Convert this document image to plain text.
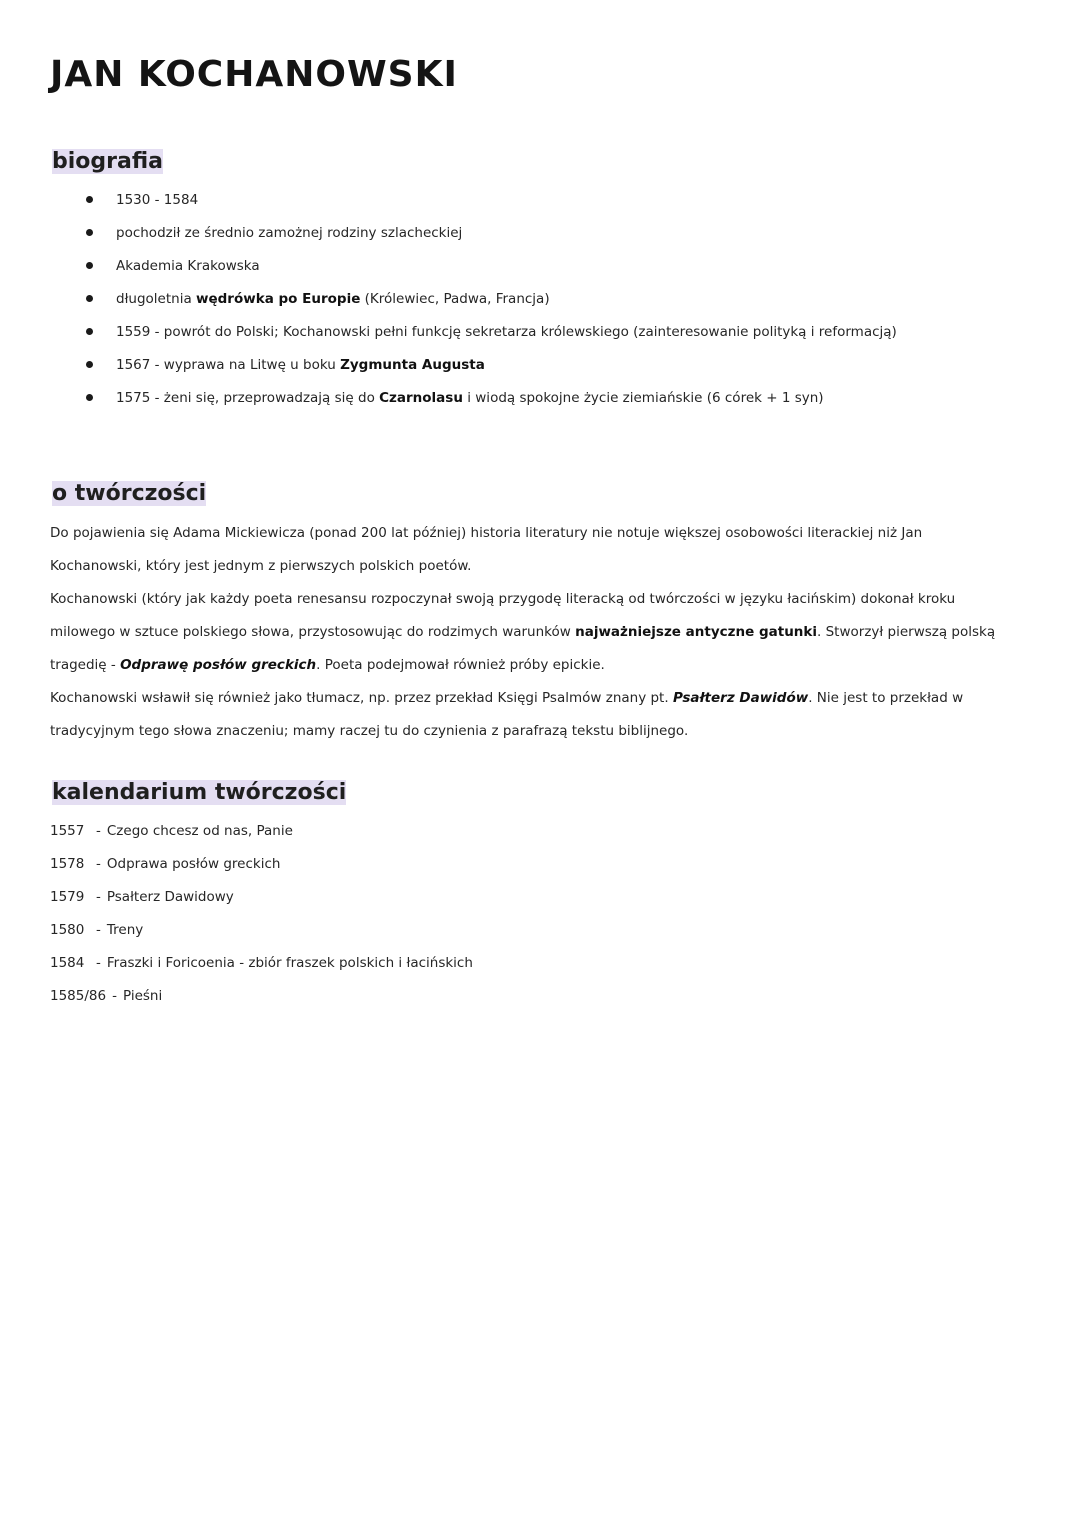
JAN KOCHANOWSKI
biografia
1530 - 1584
pochodził ze średnio zamożnej rodziny szlacheckiej
Akademia Krakowska
długoletnia wędrówka po Europie (Królewiec, Padwa, Francja)
1559 - powrót do Polski; Kochanowski pełni funkcję sekretarza królewskiego (zainteresowanie polityką i reformacją)
1567 - wyprawa na Litwę u boku Zygmunta Augusta
1575 - żeni się, przeprowadzają się do Czarnolasu i wiodą spokojne życie ziemiańskie (6 córek + 1 syn)
o twórczości

Do pojawienia się Adama Mickiewicza (ponad 200 lat później) historia literatury nie notuje większej osobowości literackiej niż Jan Kochanowski, który jest jednym z pierwszych polskich poetów.

Kochanowski (który jak każdy poeta renesansu rozpoczynał swoją przygodę literacką od twórczości w języku łacińskim) dokonał kroku milowego w sztuce polskiego słowa, przystosowując do rodzimych warunków najważniejsze antyczne gatunki. Stworzył pierwszą polską tragedię - Odprawę posłów greckich. Poeta podejmował również próby epickie.

Kochanowski wsławił się również jako tłumacz, np. przez przekład Księgi Psalmów znany pt. Psałterz Dawidów. Nie jest to przekład w tradycyjnym tego słowa znaczeniu; mamy raczej tu do czynienia z parafrazą tekstu biblijnego.

kalendarium twórczości
1557 - Czego chcesz od nas, Panie
1578 - Odprawa posłów greckich
1579 - Psałterz Dawidowy
1580 - Treny
1584 - Fraszki i Foricoenia - zbiór fraszek polskich i łacińskich
1585/86 - Pieśni
